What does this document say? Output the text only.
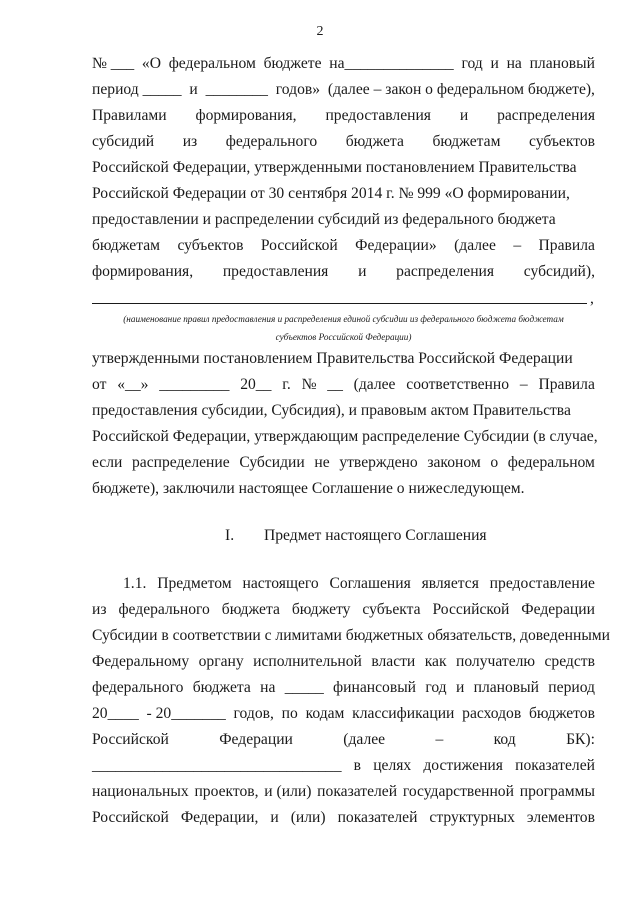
2
№ ___ «О федеральном бюджете на______________ год и на плановый
период _____ и ________ годов» (далее – закон о федеральном бюджете),
Правилами формирования, предоставления и распределения
субсидий из федерального бюджета бюджетам субъектов
Российской Федерации, утвержденными постановлением Правительства
Российской Федерации от 30 сентября 2014 г. № 999 «О формировании,
предоставлении и распределении субсидий из федерального бюджета
бюджетам субъектов Российской Федерации» (далее – Правила
формирования, предоставления и распределения субсидий),
,
(наименование правил предоставления и распределения единой субсидии из федерального бюджета бюджетам
субъектов Российской Федерации)
утвержденными постановлением Правительства Российской Федерации
от «__» _________ 20__ г. № __ (далее соответственно – Правила
предоставления субсидии, Субсидия), и правовым актом Правительства
Российской Федерации, утверждающим распределение Субсидии (в случае,
если распределение Субсидии не утверждено законом о федеральном
бюджете), заключили настоящее Соглашение о нижеследующем.
I. Предмет настоящего Соглашения
1.1. Предметом настоящего Соглашения является предоставление
из федерального бюджета бюджету субъекта Российской Федерации
Субсидии в соответствии с лимитами бюджетных обязательств, доведенными
Федеральному органу исполнительной власти как получателю средств
федерального бюджета на _____ финансовый год и плановый период
20____ - 20_______ годов, по кодам классификации расходов бюджетов
Российской	Федерации	(далее	–	код	БК):
________________________________ в целях достижения показателей
национальных проектов, и (или) показателей государственной программы
Российской Федерации, и (или) показателей структурных элементов
